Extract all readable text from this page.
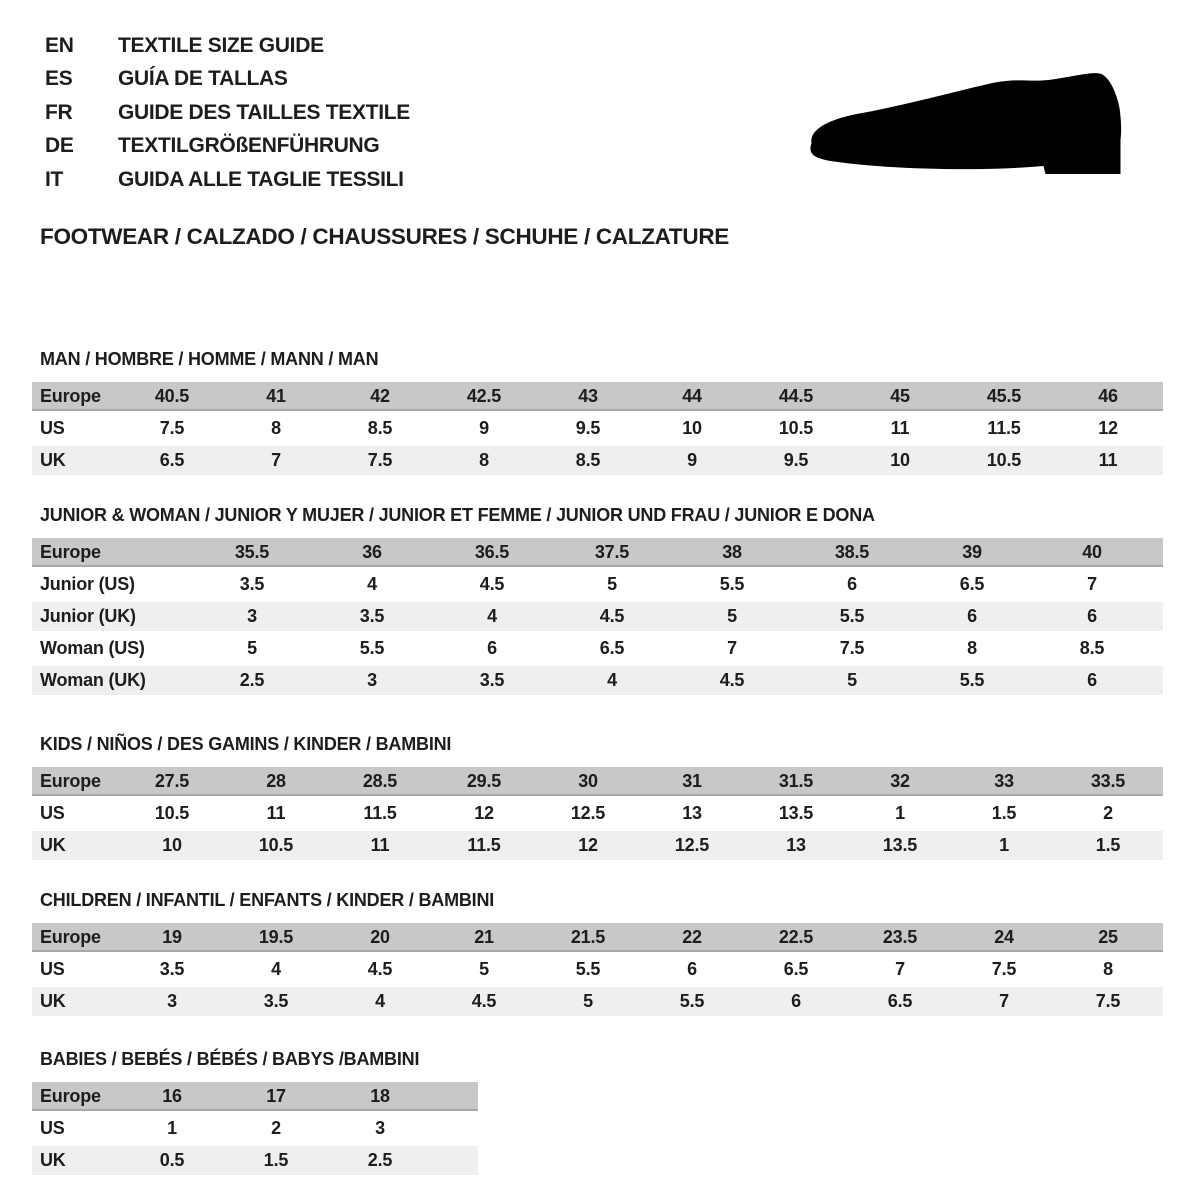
EN	TEXTILE SIZE GUIDE
ES	GUÍA DE TALLAS
FR	GUIDE DES TAILLES TEXTILE
DE	TEXTILGRÖßENFÜHRUNG
IT	GUIDA ALLE TAGLIE TESSILI
FOOTWEAR / CALZADO / CHAUSSURES / SCHUHE / CALZATURE
MAN / HOMBRE / HOMME / MANN / MAN
Europe	40.5	41	42	42.5	43	44	44.5	45	45.5	46
US	7.5	8	8.5	9	9.5	10	10.5	11	11.5	12
UK	6.5	7	7.5	8	8.5	9	9.5	10	10.5	11
JUNIOR & WOMAN / JUNIOR Y MUJER / JUNIOR ET FEMME / JUNIOR UND FRAU / JUNIOR E DONA
Europe	35.5	36	36.5	37.5	38	38.5	39	40
Junior (US)	3.5	4	4.5	5	5.5	6	6.5	7
Junior (UK)	3	3.5	4	4.5	5	5.5	6	6
Woman (US)	5	5.5	6	6.5	7	7.5	8	8.5
Woman (UK)	2.5	3	3.5	4	4.5	5	5.5	6
KIDS / NIÑOS / DES GAMINS / KINDER / BAMBINI
Europe	27.5	28	28.5	29.5	30	31	31.5	32	33	33.5
US	10.5	11	11.5	12	12.5	13	13.5	1	1.5	2
UK	10	10.5	11	11.5	12	12.5	13	13.5	1	1.5
CHILDREN / INFANTIL / ENFANTS / KINDER / BAMBINI
Europe	19	19.5	20	21	21.5	22	22.5	23.5	24	25
US	3.5	4	4.5	5	5.5	6	6.5	7	7.5	8
UK	3	3.5	4	4.5	5	5.5	6	6.5	7	7.5
BABIES / BEBÉS / BÉBÉS / BABYS /BAMBINI
Europe	16	17	18
US	1	2	3
UK	0.5	1.5	2.5
